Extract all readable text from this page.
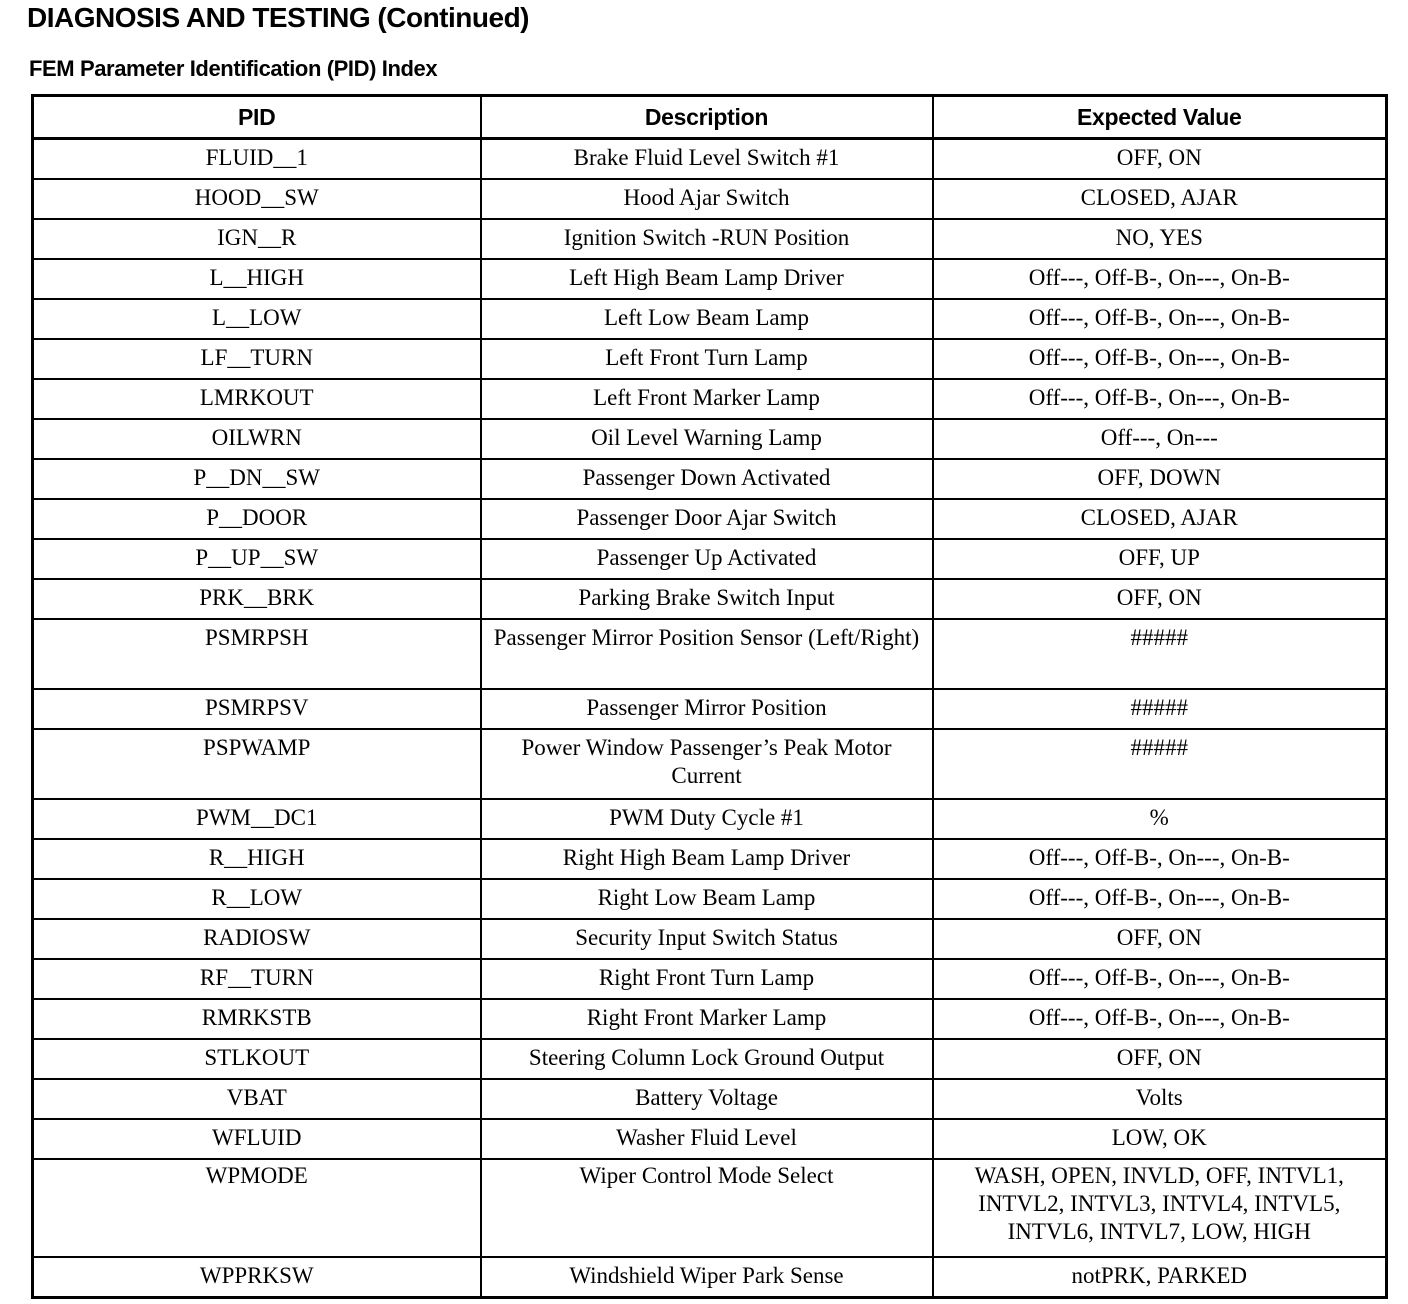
DIAGNOSIS AND TESTING (Continued)
FEM Parameter Identification (PID) Index
PID	Description	Expected Value
FLUID__1	Brake Fluid Level Switch #1	OFF, ON
HOOD__SW	Hood Ajar Switch	CLOSED, AJAR
IGN__R	Ignition Switch -RUN Position	NO, YES
L__HIGH	Left High Beam Lamp Driver	Off---, Off-B-, On---, On-B-
L__LOW	Left Low Beam Lamp	Off---, Off-B-, On---, On-B-
LF__TURN	Left Front Turn Lamp	Off---, Off-B-, On---, On-B-
LMRKOUT	Left Front Marker Lamp	Off---, Off-B-, On---, On-B-
OILWRN	Oil Level Warning Lamp	Off---, On---
P__DN__SW	Passenger Down Activated	OFF, DOWN
P__DOOR	Passenger Door Ajar Switch	CLOSED, AJAR
P__UP__SW	Passenger Up Activated	OFF, UP
PRK__BRK	Parking Brake Switch Input	OFF, ON
PSMRPSH	Passenger Mirror Position Sensor (Left/Right)	#####
PSMRPSV	Passenger Mirror Position	#####
PSPWAMP	Power Window Passenger’s Peak Motor Current	#####
PWM__DC1	PWM Duty Cycle #1	%
R__HIGH	Right High Beam Lamp Driver	Off---, Off-B-, On---, On-B-
R__LOW	Right Low Beam Lamp	Off---, Off-B-, On---, On-B-
RADIOSW	Security Input Switch Status	OFF, ON
RF__TURN	Right Front Turn Lamp	Off---, Off-B-, On---, On-B-
RMRKSTB	Right Front Marker Lamp	Off---, Off-B-, On---, On-B-
STLKOUT	Steering Column Lock Ground Output	OFF, ON
VBAT	Battery Voltage	Volts
WFLUID	Washer Fluid Level	LOW, OK
WPMODE	Wiper Control Mode Select	WASH, OPEN, INVLD, OFF, INTVL1, INTVL2, INTVL3, INTVL4, INTVL5, INTVL6, INTVL7, LOW, HIGH
WPPRKSW	Windshield Wiper Park Sense	notPRK, PARKED
